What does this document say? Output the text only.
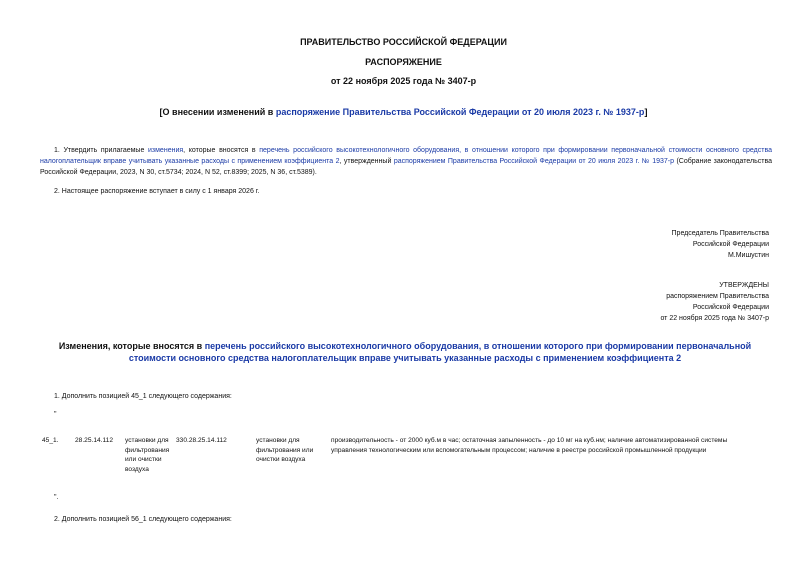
ПРАВИТЕЛЬСТВО РОССИЙСКОЙ ФЕДЕРАЦИИ
РАСПОРЯЖЕНИЕ
от 22 ноября 2025 года № 3407-р
[О внесении изменений в распоряжение Правительства Российской Федерации от 20 июля 2023 г. № 1937-р]
1. Утвердить прилагаемые изменения, которые вносятся в перечень российского высокотехнологичного оборудования, в отношении которого при формировании первоначальной стоимости основного средства налогоплательщик вправе учитывать указанные расходы с применением коэффициента 2, утвержденный распоряжением Правительства Российской Федерации от 20 июля 2023 г. № 1937-р (Собрание законодательства Российской Федерации, 2023, N 30, ст.5734; 2024, N 52, ст.8399; 2025, N 36, ст.5389).
2. Настоящее распоряжение вступает в силу с 1 января 2026 г.
Председатель Правительства
Российской Федерации
М.Мишустин
УТВЕРЖДЕНЫ
распоряжением Правительства
Российской Федерации
от 22 ноября 2025 года № 3407-р
Изменения, которые вносятся в перечень российского высокотехнологичного оборудования, в отношении которого при формировании первоначальной стоимости основного средства налогоплательщик вправе учитывать указанные расходы с применением коэффициента 2
1. Дополнить позицией 45_1 следующего содержания:
"
45_1. 28.25.14.112 установки для фильтрования или очистки воздуха
330.28.25.14.112	установки для фильтрования или очистки воздуха
производительность - от 2000 куб.м в час; остаточная запыленность - до 10 мг на куб.нм; наличие автоматизированной системы управления технологическим или вспомогательным процессом; наличие в реестре российской промышленной продукции
".
2. Дополнить позицией 56_1 следующего содержания:
